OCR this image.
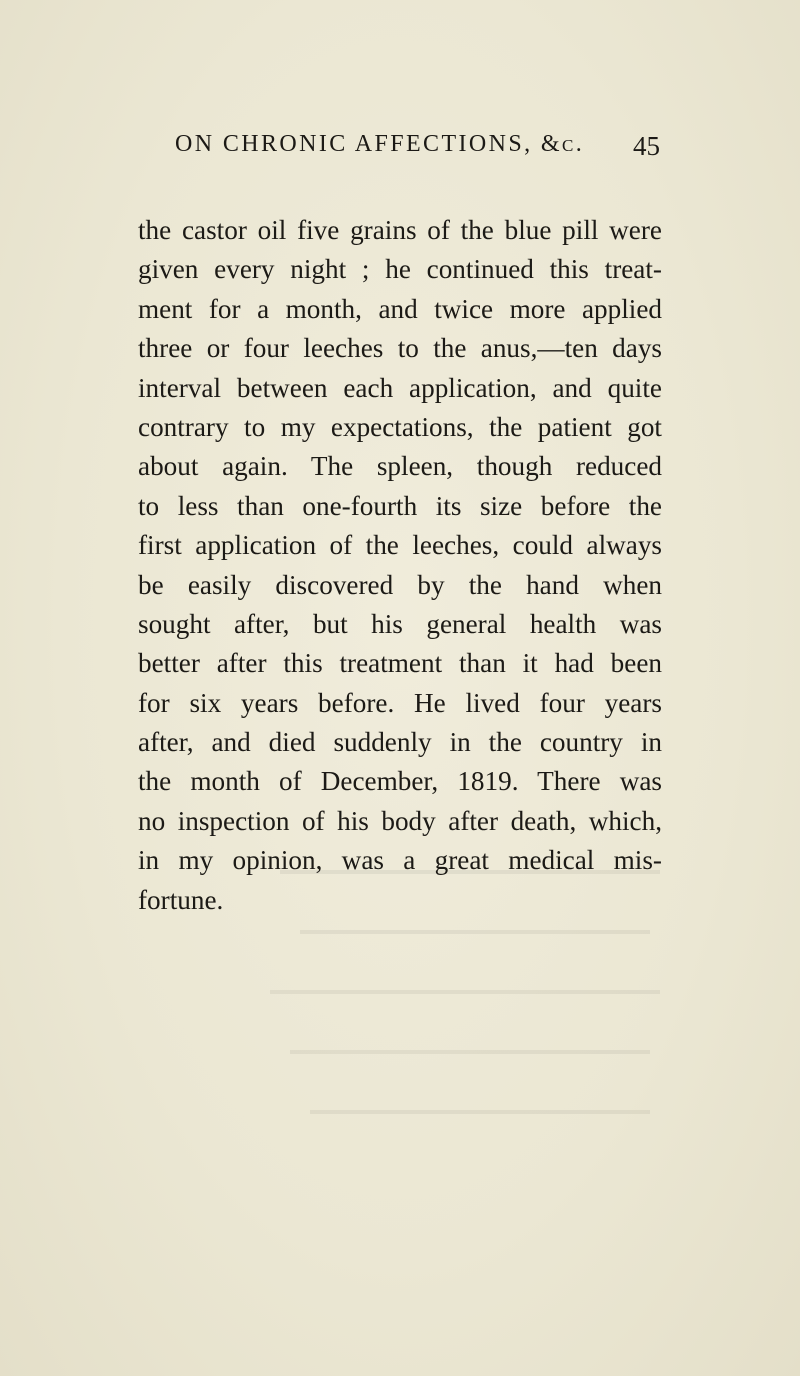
ON CHRONIC AFFECTIONS, &c. 45
the castor oil five grains of the blue pill were
given every night ; he continued this treat-
ment for a month, and twice more applied
three or four leeches to the anus,—ten days
interval between each application, and quite
contrary to my expectations, the patient got
about again. The spleen, though reduced
to less than one-fourth its size before the
first application of the leeches, could always
be easily discovered by the hand when
sought after, but his general health was
better after this treatment than it had been
for six years before. He lived four years
after, and died suddenly in the country in
the month of December, 1819. There was
no inspection of his body after death, which,
in my opinion, was a great medical mis-
fortune.
